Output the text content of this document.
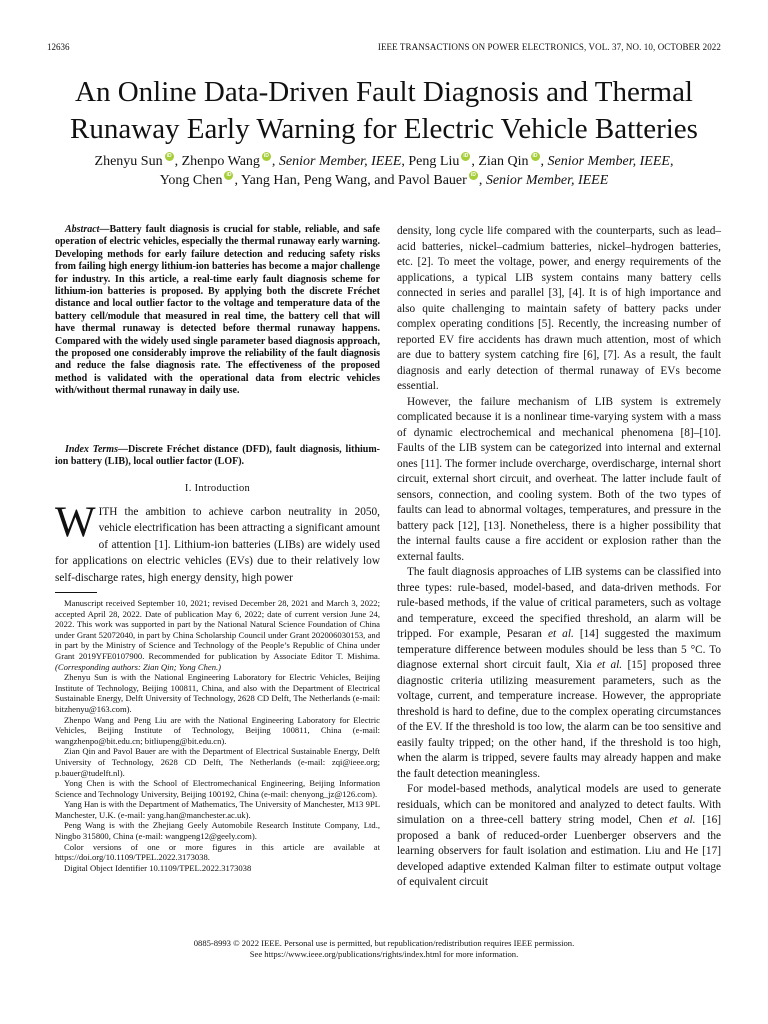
12636	IEEE TRANSACTIONS ON POWER ELECTRONICS, VOL. 37, NO. 10, OCTOBER 2022
An Online Data-Driven Fault Diagnosis and Thermal
Runaway Early Warning for Electric Vehicle Batteries
Zhenyu Sun iD , Zhenpo Wang iD , Senior Member, IEEE, Peng Liu iD , Zian Qin iD , Senior Member, IEEE,
Yong Chen iD , Yang Han, Peng Wang, and Pavol Bauer iD , Senior Member, IEEE

Abstract—Battery fault diagnosis is crucial for stable, reliable, and safe operation of electric vehicles, especially the thermal runaway early warning. Developing methods for early failure detection and reducing safety risks from failing high energy lithium-ion batteries has become a major challenge for industry. In this article, a real-time early fault diagnosis scheme for lithium-ion batteries is proposed. By applying both the discrete Fréchet distance and local outlier factor to the voltage and temperature data of the battery cell/module that measured in real time, the battery cell that will have thermal runaway is detected before thermal runaway happens. Compared with the widely used single parameter based diagnosis approach, the proposed one considerably improve the reliability of the fault diagnosis and reduce the false diagnosis rate. The effectiveness of the proposed method is validated with the operational data from electric vehicles with/without thermal runaway in daily use.

Index Terms—Discrete Fréchet distance (DFD), fault diagnosis, lithium-ion battery (LIB), local outlier factor (LOF).

I. Introduction

WITH the ambition to achieve carbon neutrality in 2050, vehicle electrification has been attracting a significant amount of attention [1]. Lithium-ion batteries (LIBs) are widely used for applications on electric vehicles (EVs) due to their relatively low self-discharge rates, high energy density, high power

Manuscript received September 10, 2021; revised December 28, 2021 and March 3, 2022; accepted April 28, 2022. Date of publication May 6, 2022; date of current version June 24, 2022. This work was supported in part by the National Natural Science Foundation of China under Grant 52072040, in part by China Scholarship Council under Grant 202006030153, and in part by the Ministry of Science and Technology of the People’s Republic of China under Grant 2019YFE0107900. Recommended for publication by Associate Editor T. Mishima. (Corresponding authors: Zian Qin; Yong Chen.)

Zhenyu Sun is with the National Engineering Laboratory for Electric Vehicles, Beijing Institute of Technology, Beijing 100811, China, and also with the Department of Electrical Sustainable Energy, Delft University of Technology, 2628 CD Delft, The Netherlands (e-mail: bitzhenyu@163.com).

Zhenpo Wang and Peng Liu are with the National Engineering Laboratory for Electric Vehicles, Beijing Institute of Technology, Beijing 100811, China (e-mail: wangzhenpo@bit.edu.cn; bitliupeng@bit.edu.cn).

Zian Qin and Pavol Bauer are with the Department of Electrical Sustainable Energy, Delft University of Technology, 2628 CD Delft, The Netherlands (e-mail: zqi@ieee.org; p.bauer@tudelft.nl).

Yong Chen is with the School of Electromechanical Engineering, Beijing Information Science and Technology University, Beijing 100192, China (e-mail: chenyong_jz@126.com).

Yang Han is with the Department of Mathematics, The University of Manchester, M13 9PL Manchester, U.K. (e-mail: yang.han@manchester.ac.uk).

Peng Wang is with the Zhejiang Geely Automobile Research Institute Company, Ltd., Ningbo 315800, China (e-mail: wangpeng12@geely.com).

Color versions of one or more figures in this article are available at https://doi.org/10.1109/TPEL.2022.3173038.

Digital Object Identifier 10.1109/TPEL.2022.3173038

density, long cycle life compared with the counterparts, such as lead–acid batteries, nickel–cadmium batteries, nickel–hydrogen batteries, etc. [2]. To meet the voltage, power, and energy requirements of the applications, a typical LIB system contains many battery cells connected in series and parallel [3], [4]. It is of high importance and also quite challenging to maintain safety of battery packs under complex operating conditions [5]. Recently, the increasing number of reported EV fire accidents has drawn much attention, most of which are due to battery system catching fire [6], [7]. As a result, the fault diagnosis and early detection of thermal runaway of EVs become essential.

However, the failure mechanism of LIB system is extremely complicated because it is a nonlinear time-varying system with a mass of dynamic electrochemical and mechanical phenomena [8]–[10]. Faults of the LIB system can be categorized into internal and external ones [11]. The former include overcharge, overdischarge, internal short circuit, external short circuit, and overheat. The latter include fault of sensors, connection, and cooling system. Both of the two types of faults can lead to abnormal voltages, temperatures, and pressure in the battery pack [12], [13]. Nonetheless, there is a higher possibility that the internal faults cause a fire accident or explosion rather than the external faults.

The fault diagnosis approaches of LIB systems can be classified into three types: rule-based, model-based, and data-driven methods. For rule-based methods, if the value of critical parameters, such as voltage and temperature, exceed the specified threshold, an alarm will be tripped. For example, Pesaran et al. [14] suggested the maximum temperature difference between modules should be less than 5 °C. To diagnose external short circuit fault, Xia et al. [15] proposed three diagnostic criteria utilizing measurement parameters, such as the voltage, current, and temperature increase. However, the appropriate threshold is hard to define, due to the complex operating circumstances of the EV. If the threshold is too low, the alarm can be too sensitive and easily faulty tripped; on the other hand, if the threshold is too high, when the alarm is tripped, severe faults may already happen and make the fault detection meaningless.

For model-based methods, analytical models are used to generate residuals, which can be monitored and analyzed to detect faults. With simulation on a three-cell battery string model, Chen et al. [16] proposed a bank of reduced-order Luenberger observers and the learning observers for fault isolation and estimation. Liu and He [17] developed adaptive extended Kalman filter to estimate output voltage of equivalent circuit

0885-8993 © 2022 IEEE. Personal use is permitted, but republication/redistribution requires IEEE permission.
See https://www.ieee.org/publications/rights/index.html for more information.
